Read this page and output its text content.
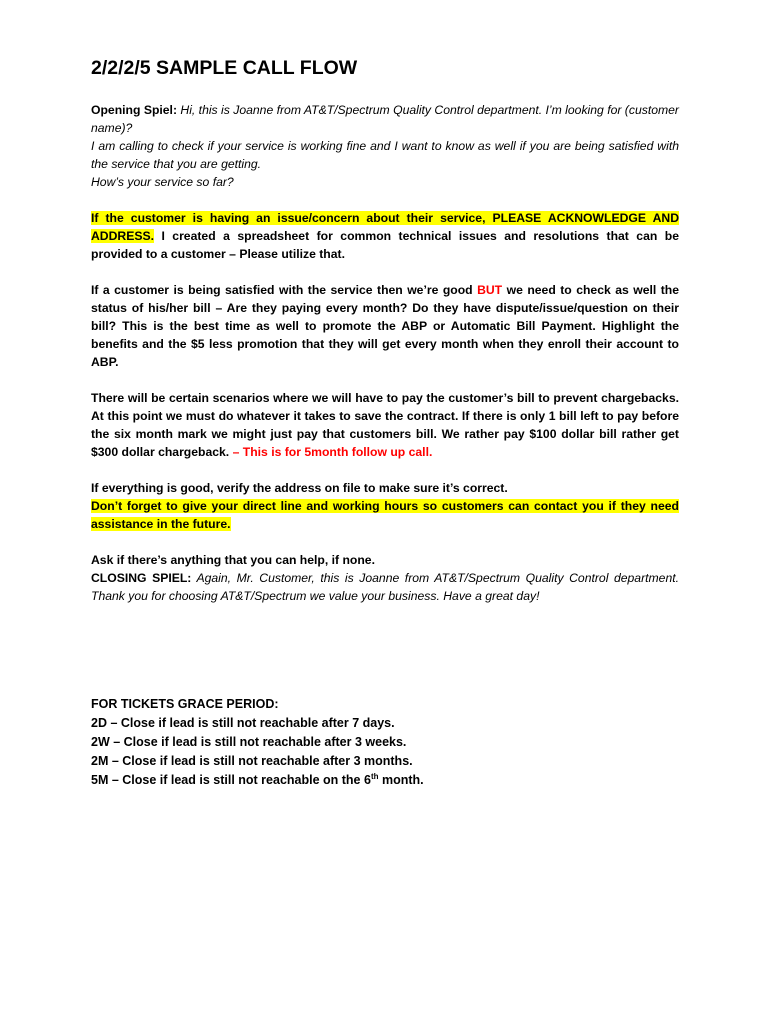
2/2/2/5 SAMPLE CALL FLOW

Opening Spiel: Hi, this is Joanne from AT&T/Spectrum Quality Control department. I’m looking for (customer name)?
I am calling to check if your service is working fine and I want to know as well if you are being satisfied with the service that you are getting.
How’s your service so far?

If the customer is having an issue/concern about their service, PLEASE ACKNOWLEDGE AND ADDRESS. I created a spreadsheet for common technical issues and resolutions that can be provided to a customer – Please utilize that.

If a customer is being satisfied with the service then we’re good BUT we need to check as well the status of his/her bill – Are they paying every month? Do they have dispute/issue/question on their bill? This is the best time as well to promote the ABP or Automatic Bill Payment. Highlight the benefits and the $5 less promotion that they will get every month when they enroll their account to ABP.

There will be certain scenarios where we will have to pay the customer’s bill to prevent chargebacks. At this point we must do whatever it takes to save the contract. If there is only 1 bill left to pay before the six month mark we might just pay that customers bill. We rather pay $100 dollar bill rather get $300 dollar chargeback. – This is for 5month follow up call.

If everything is good, verify the address on file to make sure it’s correct.
Don’t forget to give your direct line and working hours so customers can contact you if they need assistance in the future.

Ask if there’s anything that you can help, if none.
CLOSING SPIEL: Again, Mr. Customer, this is Joanne from AT&T/Spectrum Quality Control department. Thank you for choosing AT&T/Spectrum we value your business. Have a great day!

FOR TICKETS GRACE PERIOD:

2D – Close if lead is still not reachable after 7 days.

2W – Close if lead is still not reachable after 3 weeks.

2M – Close if lead is still not reachable after 3 months.

5M – Close if lead is still not reachable on the 6th month.
